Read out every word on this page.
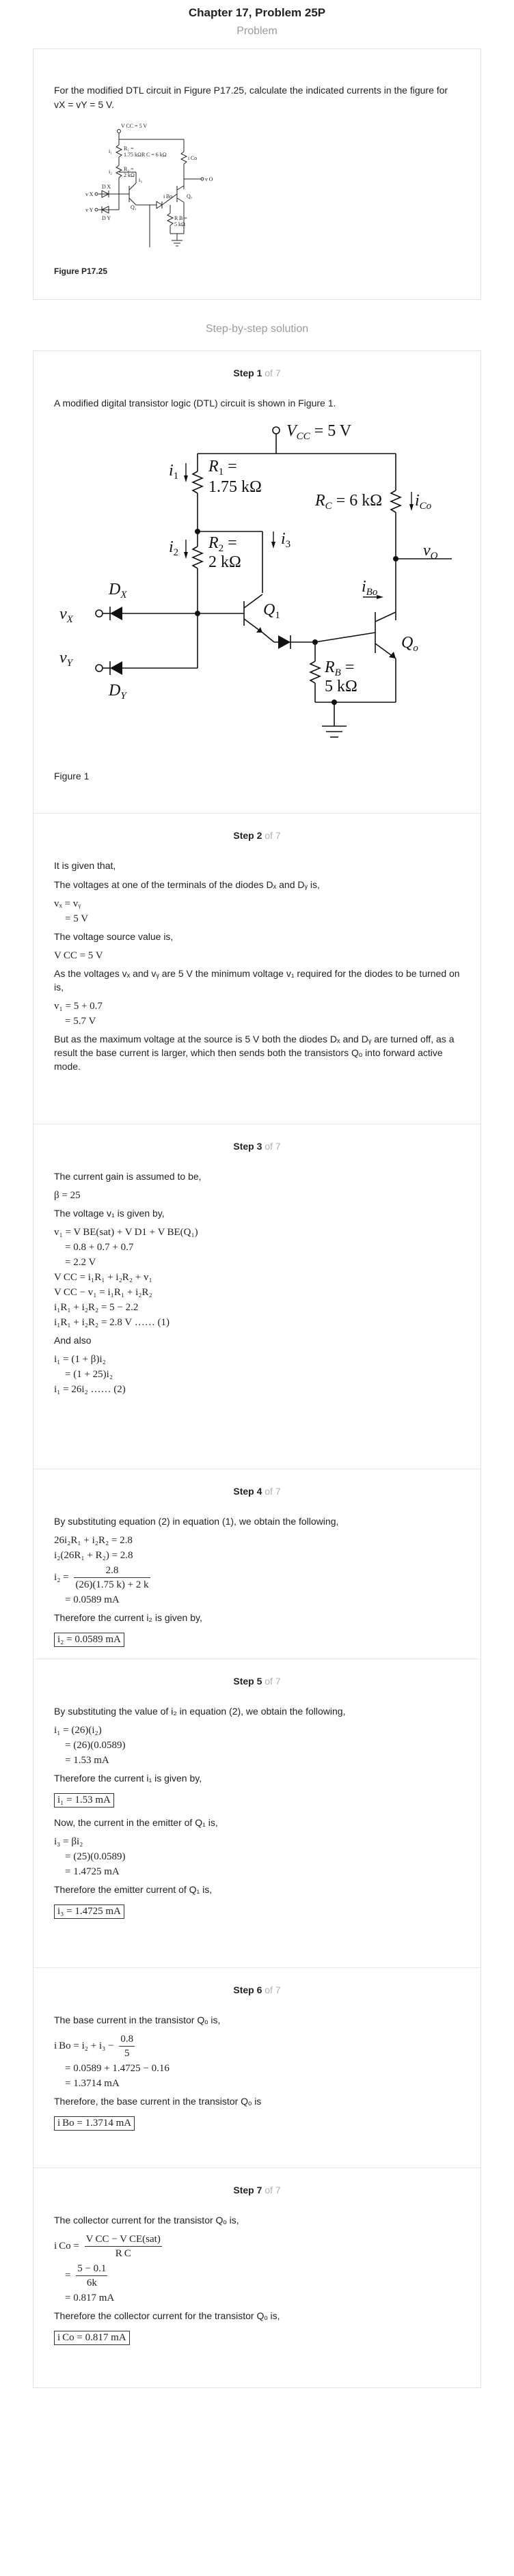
Chapter 17, Problem 25P
Problem

For the modified DTL circuit in Figure P17.25, calculate the indicated currents in the figure for vX = vY = 5 V.

V CC = 5 V
R₁ =
1.75 kΩ
R₂ =
2 kΩ
R C = 6 kΩ
i Co
i₁
i₂
i₃	v O
v X
v Y
D X
D Y
Q₁
Qₒ
i Bo
R B =
5 kΩ
Figure P17.25
Step-by-step solution
Step 1 of 7

A modified digital transistor logic (DTL) circuit is shown in Figure 1.

$V_{CC} = 5$ V
$i_1$
$R_1$ =
1.75 kΩ
$i_2$
$R_2$ =
2 kΩ
$i_3$
$R_C = 6$ kΩ $i_{Co}$
$v_O$
$v_X$
$D_X$
$Q_1$
$i_{Bo}$
$Q_o$
$R_B$ =
5 kΩ
$v_Y$
$D_Y$
Figure 1
Step 2 of 7

It is given that,

The voltages at one of the terminals of the diodes Dₓ and Dᵧ is,

vₓ = vᵧ

= 5 V

The voltage source value is,

V CC = 5 V

As the voltages vₓ and vᵧ are 5 V the minimum voltage v₁ required for the diodes to be turned on is,

v₁ = 5 + 0.7

= 5.7 V

But as the maximum voltage at the source is 5 V both the diodes Dₓ and Dᵧ are turned off, as a result the base current is larger, which then sends both the transistors Qₒ into forward active mode.

Step 3 of 7

The current gain is assumed to be,

β = 25

The voltage v₁ is given by,

v₁ = V BE(sat) + V D1 + V BE(Q₁)

= 0.8 + 0.7 + 0.7

= 2.2 V

V CC = i₁R₁ + i₂R₂ + v₁

V CC − v₁ = i₁R₁ + i₂R₂

i₁R₁ + i₂R₂ = 5 − 2.2

i₁R₁ + i₂R₂ = 2.8 V …… (1)

And also

i₁ = (1 + β)i₂

= (1 + 25)i₂

i₁ = 26i₂ …… (2)

Step 4 of 7

By substituting equation (2) in equation (1), we obtain the following,

26i₂R₁ + i₂R₂ = 2.8

i₂(26R₁ + R₂) = 2.8

$i_2 = \frac{2.8}{(26)(1.75 k) + 2 k}$

= 0.0589 mA

Therefore the current i₂ is given by,

i₂ = 0.0589 mA
Step 5 of 7

By substituting the value of i₂ in equation (2), we obtain the following,

i₁ = (26)(i₂)

= (26)(0.0589)

= 1.53 mA

Therefore the current i₁ is given by,

i₁ = 1.53 mA

Now, the current in the emitter of Q₁ is,

i₃ = βi₂

= (25)(0.0589)

= 1.4725 mA

Therefore the emitter current of Q₁ is,

i₃ = 1.4725 mA
Step 6 of 7

The base current in the transistor Qₒ is,

i $Bo = i_2 + i_3 - \frac{0.8}{5}$

= 0.0589 + 1.4725 − 0.16

= 1.3714 mA

Therefore, the base current in the transistor Qₒ is

i Bo = 1.3714 mA
Step 7 of 7

The collector current for the transistor Qₒ is,

i $Co = \frac{\text{V CC − V CE(sat)}}{\text{R C}}$

= $\frac{5 - 0.1}{6k}$

= 0.817 mA

Therefore the collector current for the transistor Qₒ is,

i Co = 0.817 mA
